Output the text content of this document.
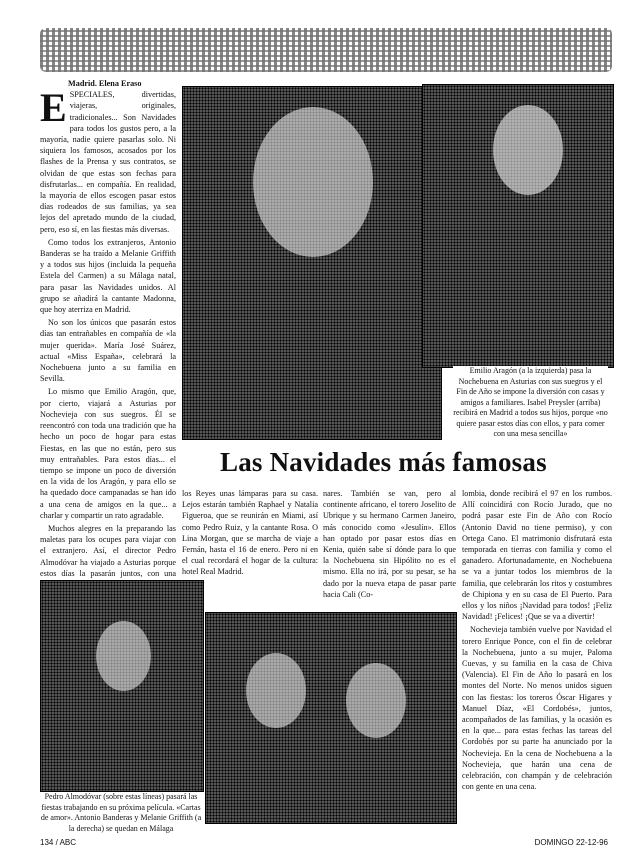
Madrid. Elena Eraso
E SPECIALES, divertidas, viajeras, originales, tradicionales... Son Navidades para todos los gustos pero, a la mayoría, nadie quiere pasarlas solo. Ni siquiera los famosos, acosados por los flashes de la Prensa y sus contratos, se olvidan de que estas son fechas para disfrutarlas... en compañía. En realidad, la mayoría de ellos escogen pasar estos días rodeados de sus familias, ya sea lejos del apretado mundo de la ciudad, pero, eso sí, en las fiestas más diversas.

Como todos los extranjeros, Antonio Banderas se ha traído a Melanie Griffith y a todos sus hijos (incluida la pequeña Estela del Carmen) a su Málaga natal, para pasar las Navidades unidos. Al grupo se añadirá la cantante Madonna, que hoy aterriza en Madrid.

No son los únicos que pasarán estos días tan entrañables en compañía de «la mujer querida». María José Suárez, actual «Miss España», celebrará la Nochebuena junto a su familia en Sevilla.

Lo mismo que Emilio Aragón, que, por cierto, viajará a Asturias por Nochevieja con sus suegros. Él se reencontró con toda una tradición que ha hecho un poco de hogar para estas Fiestas, en las que no están, pero sus muy entrañables. Para estos días... el tiempo se impone un poco de diversión en la vida de los Aragón, y para ello se ha quedado doce campanadas se han ido a una cena de amigos en la que... a charlar y compartir un rato agradable.

Muchos alegres en la preparando las maletas para los ocupes para viajar con el extranjero. Así, el director Pedro Almodóvar ha viajado a Asturias porque estos días la pasarán juntos, con una

Emilio Aragón (a la izquierda) pasa la Nochebuena en Asturias con sus suegros y el Fin de Año se impone la diversión con casas y amigos a familiares. Isabel Preysler (arriba) recibirá en Madrid a todos sus hijos, porque «no quiere pasar estos días con ellos, y para comer con una mesa sencilla»
Las Navidades más famosas
los Reyes unas lámparas para su casa. Lejos estarán también Raphael y Natalia Figueroa, que se reunirán en Miami, así como Pedro Ruiz, y la cantante Rosa. O Lina Morgan, que se marcha de viaje a Fernán, hasta el 16 de enero. Pero ni en el cual recordará el hogar de la cultura: hotel Real Madrid.
nares. También se van, pero al continente africano, el torero Joselito de Ubrique y su hermano Carmen Janeiro, más conocido como «Jesulín». Ellos han optado por pasar estos días en Kenia, quién sabe sí dónde para lo que la Nochebuena sin Hipólito no es el mismo. Ella no irá, por su pesar, se ha dado por la nueva etapa de pasar parte hacia Cali (Co-

lombia, donde recibirá el 97 en los rumbos. Allí coincidirá con Rocío Jurado, que no podrá pasar este Fin de Año con Rocío (Antonio David no tiene permiso), y con Ortega Cano. El matrimonio disfrutará esta temporada en tierras con familia y como el ganadero. Afortunadamente, en Nochebuena se va a juntar todos los miembros de la familia, que celebrarán los ritos y costumbres de Chipiona y en su casa de El Puerto. Para ellos y los niños ¡Navidad para todos! ¡Feliz Navidad! ¡Felices! ¡Que se va a divertir!

Nochevieja también vuelve por Navidad el torero Enrique Ponce, con el fin de celebrar la Nochebuena, junto a su mujer, Paloma Cuevas, y su familia en la casa de Chiva (Valencia). El Fin de Año lo pasará en los montes del Norte. No menos unidos siguen con las fiestas: los toreros Óscar Higares y Manuel Díaz, «El Cordobés», juntos, acompañados de las familias, y la ocasión es en la que... para estas fechas las tareas del Cordobés por su parte ha anunciado por la Nochevieja. En la cena de Nochebuena a la Nochevieja, que harán una cena de celebración, con champán y de celebración con gente en una cena.

Pedro Almodóvar (sobre estas líneas) pasará las fiestas trabajando en su próxima película. «Cartas de amor». Antonio Banderas y Melanie Griffith (a la derecha) se quedan en Málaga
134 / ABC	DOMINGO 22-12-96
